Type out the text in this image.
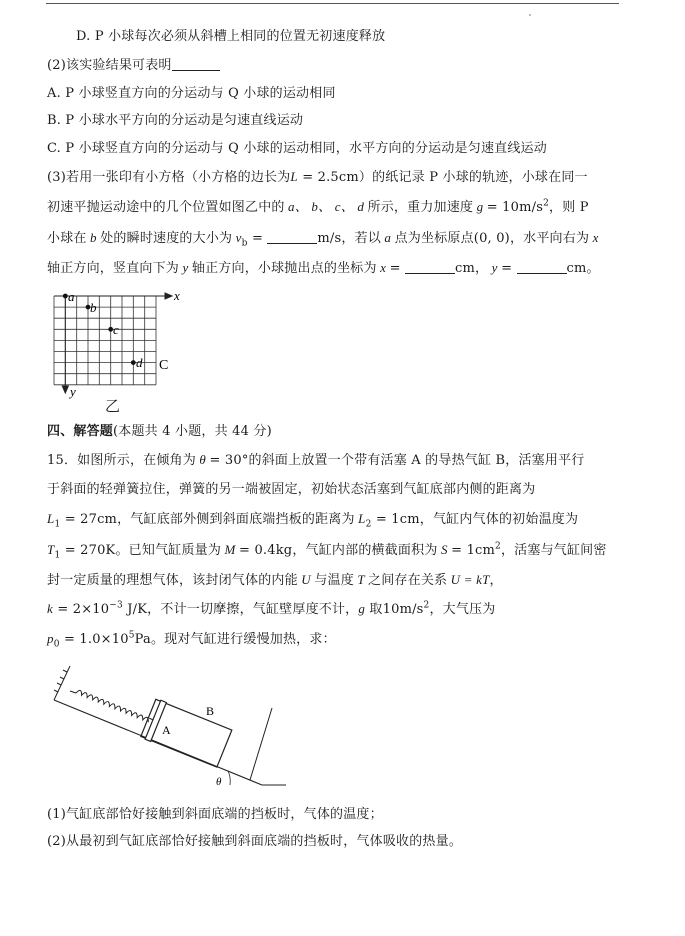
D. P 小球每次必须从斜槽上相同的位置无初速度释放
(2)该实验结果可表明
A. P 小球竖直方向的分运动与 Q 小球的运动相同
B. P 小球水平方向的分运动是匀速直线运动
C. P 小球竖直方向的分运动与 Q 小球的运动相同，水平方向的分运动是匀速直线运动
(3)若用一张印有小方格（小方格的边长为L = 2.5cm）的纸记录 P 小球的轨迹，小球在同一
初速平抛运动途中的几个位置如图乙中的 a、 b、 c、 d 所示，重力加速度 $g = 10m/s^2$，则 P
小球在 b 处的瞬时速度的大小为 $v_b$ =	m/s，若以 a 点为坐标原点(0, 0)，水平向右为 x
轴正方向，竖直向下为 y 轴正方向，小球抛出点的坐标为 x =	cm， y =	cm。
a
b
c
d C
x
y
乙
四、解答题(本题共 4 小题，共 44 分)
15．如图所示，在倾角为 θ = 30°的斜面上放置一个带有活塞 A 的导热气缸 B，活塞用平行
于斜面的轻弹簧拉住，弹簧的另一端被固定，初始状态活塞到气缸底部内侧的距离为
$L_1 = 27cm$，气缸底部外侧到斜面底端挡板的距离为 $L_2 = 1cm$，气缸内气体的初始温度为
$T_1 = 270K$。已知气缸质量为 M = 0.4kg，气缸内部的横截面积为 $S = 1cm^2$，活塞与气缸间密
封一定质量的理想气体，该封闭气体的内能 U 与温度 T 之间存在关系 U = kT，
$k = 2\times 10^{-3}$ J/K，不计一切摩擦，气缸壁厚度不计，g 取$10m/s^2$，大气压为
$p_0 = 1.0\times 10^5Pa$。现对气缸进行缓慢加热，求：
θ
A
B
(1)气缸底部恰好接触到斜面底端的挡板时，气体的温度；
(2)从最初到气缸底部恰好接触到斜面底端的挡板时，气体吸收的热量。
